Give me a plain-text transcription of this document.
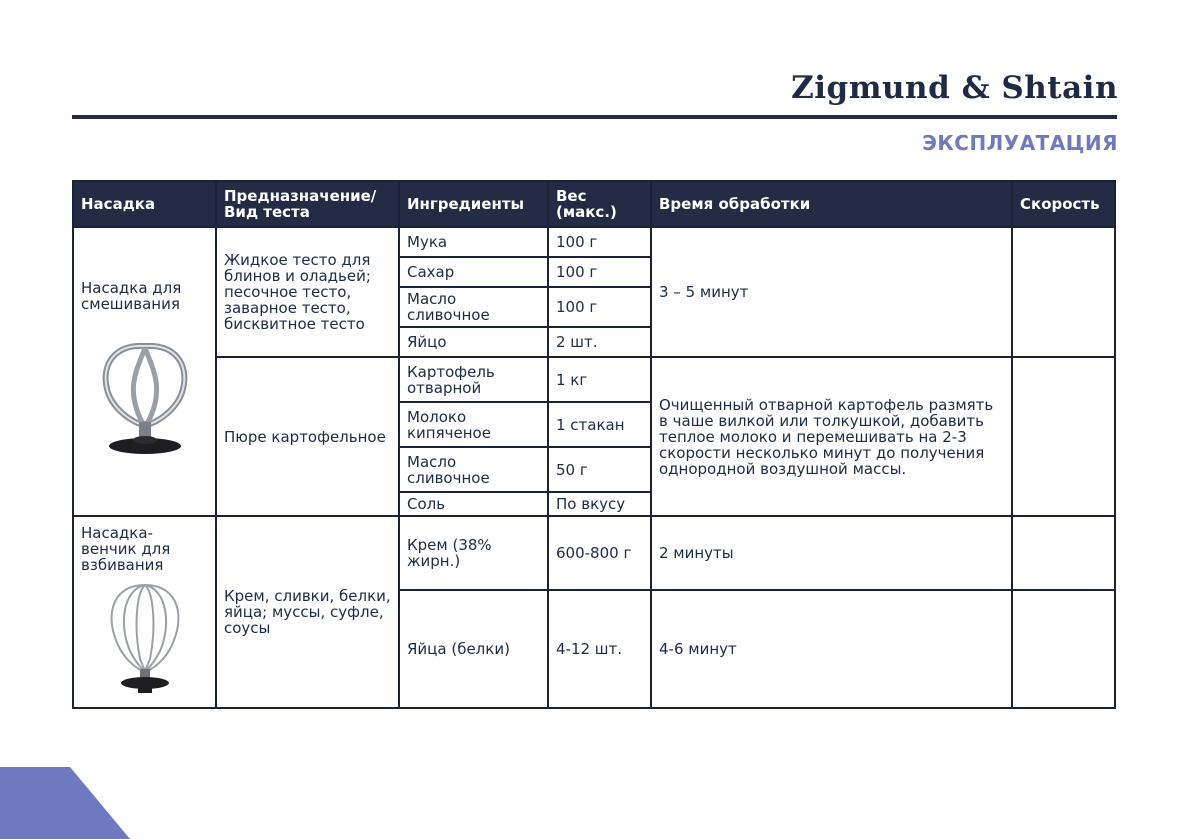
Zigmund & Shtain
ЭКСПЛУАТАЦИЯ
Насадка	Предназначение/ Вид теста	Ингредиенты	Вес (макс.)	Время обработки	Скорость

Насадка для смешивания	Жидкое тесто для блинов и оладьей; песочное тесто, заварное тесто, бисквитное тесто	Мука	100 г	3 – 5 минут	
		Сахар	100 г		
		Масло сливочное	100 г		
		Яйцо	2 шт.		
	Пюре картофельное	Картофель отварной	1 кг	Очищенный отварной картофель размять в чаше вилкой или толкушкой, добавить теплое молоко и перемешивать на 2-3 скорости несколько минут до получения однородной воздушной массы.	
		Молоко кипяченое	1 стакан		
		Масло сливочное	50 г		
		Соль	По вкусу		

Насадка-венчик для взбивания	Крем, сливки, белки, яйца; муссы, суфле, соусы	Крем (38% жирн.)	600-800 г	2 минуты	
		Яйца (белки)	4-12 шт.	4-6 минут	
